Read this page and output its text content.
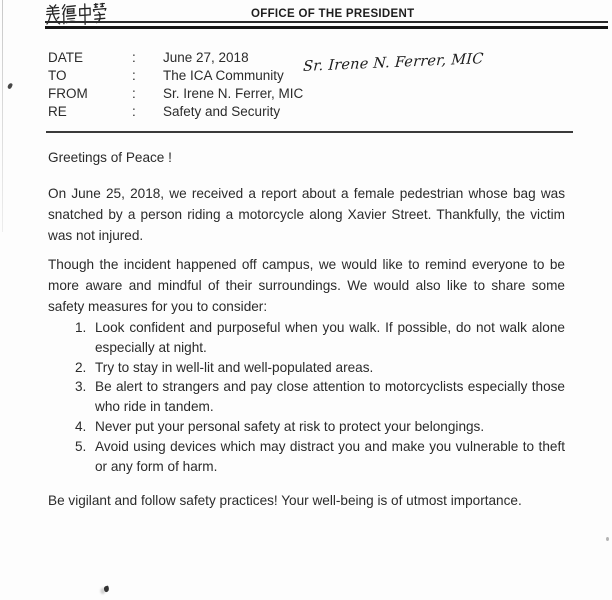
OFFICE OF THE PRESIDENT
DATE	:	June 27, 2018
TO	:	The ICA Community
FROM	:	Sr. Irene N. Ferrer, MIC
RE	:	Safety and Security
Sr. Irene N. Ferrer, MIC

Greetings of Peace !

On June 25, 2018, we received a report about a female pedestrian whose bag was snatched by a person riding a motorcycle along Xavier Street. Thankfully, the victim was not injured.

Though the incident happened off campus, we would like to remind everyone to be more aware and mindful of their surroundings. We would also like to share some safety measures for you to consider:

1. Look confident and purposeful when you walk. If possible, do not walk alone especially at night.
2. Try to stay in well-lit and well-populated areas.
3. Be alert to strangers and pay close attention to motorcyclists especially those who ride in tandem.
4. Never put your personal safety at risk to protect your belongings.
5. Avoid using devices which may distract you and make you vulnerable to theft or any form of harm.

Be vigilant and follow safety practices! Your well-being is of utmost importance.
